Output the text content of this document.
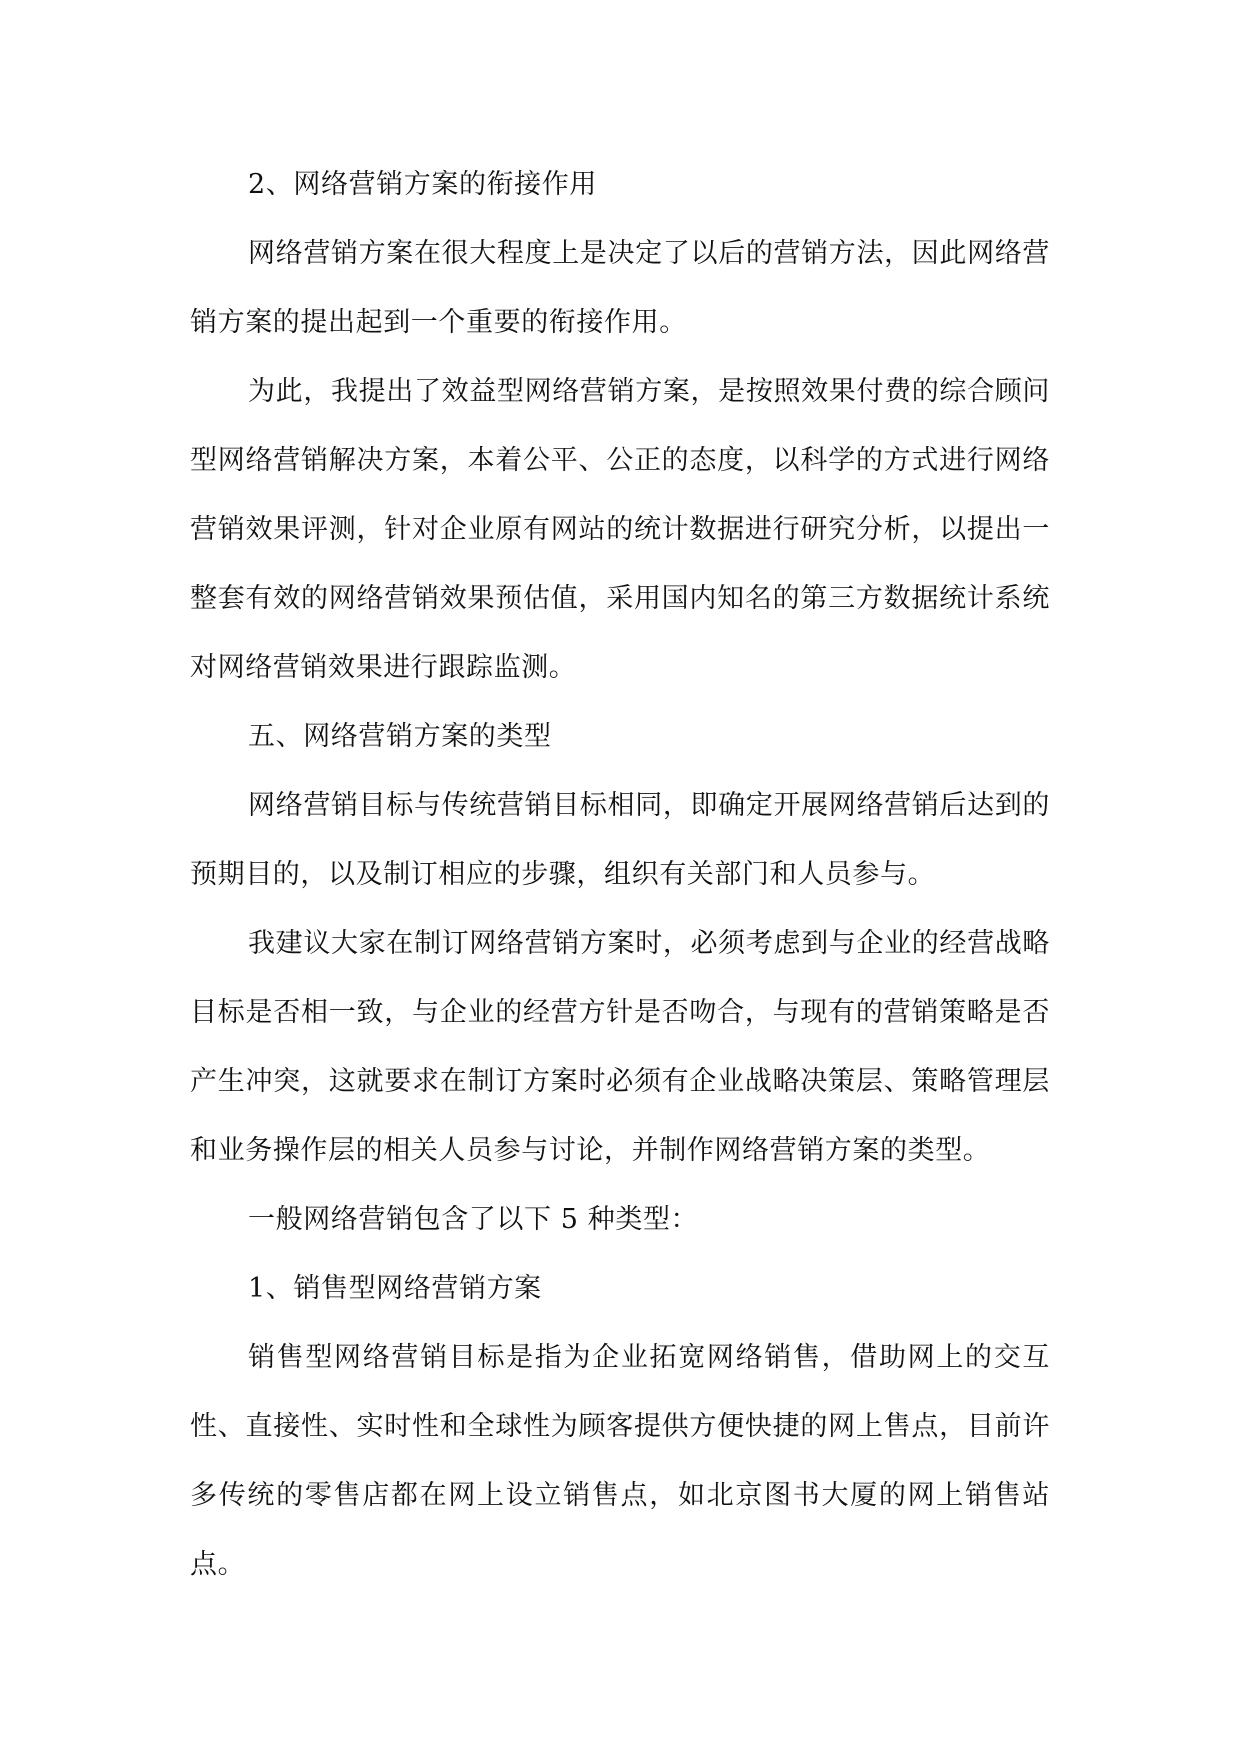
2、网络营销方案的衔接作用

网络营销方案在很大程度上是决定了以后的营销方法，因此网络营销方案的提出起到一个重要的衔接作用。

为此，我提出了效益型网络营销方案，是按照效果付费的综合顾问型网络营销解决方案，本着公平、公正的态度，以科学的方式进行网络营销效果评测，针对企业原有网站的统计数据进行研究分析，以提出一整套有效的网络营销效果预估值，采用国内知名的第三方数据统计系统对网络营销效果进行跟踪监测。

五、网络营销方案的类型

网络营销目标与传统营销目标相同，即确定开展网络营销后达到的预期目的，以及制订相应的步骤，组织有关部门和人员参与。

我建议大家在制订网络营销方案时，必须考虑到与企业的经营战略目标是否相一致，与企业的经营方针是否吻合，与现有的营销策略是否产生冲突，这就要求在制订方案时必须有企业战略决策层、策略管理层和业务操作层的相关人员参与讨论，并制作网络营销方案的类型。

一般网络营销包含了以下 5 种类型：

1、销售型网络营销方案

销售型网络营销目标是指为企业拓宽网络销售，借助网上的交互性、直接性、实时性和全球性为顾客提供方便快捷的网上售点，目前许多传统的零售店都在网上设立销售点，如北京图书大厦的网上销售站点。
